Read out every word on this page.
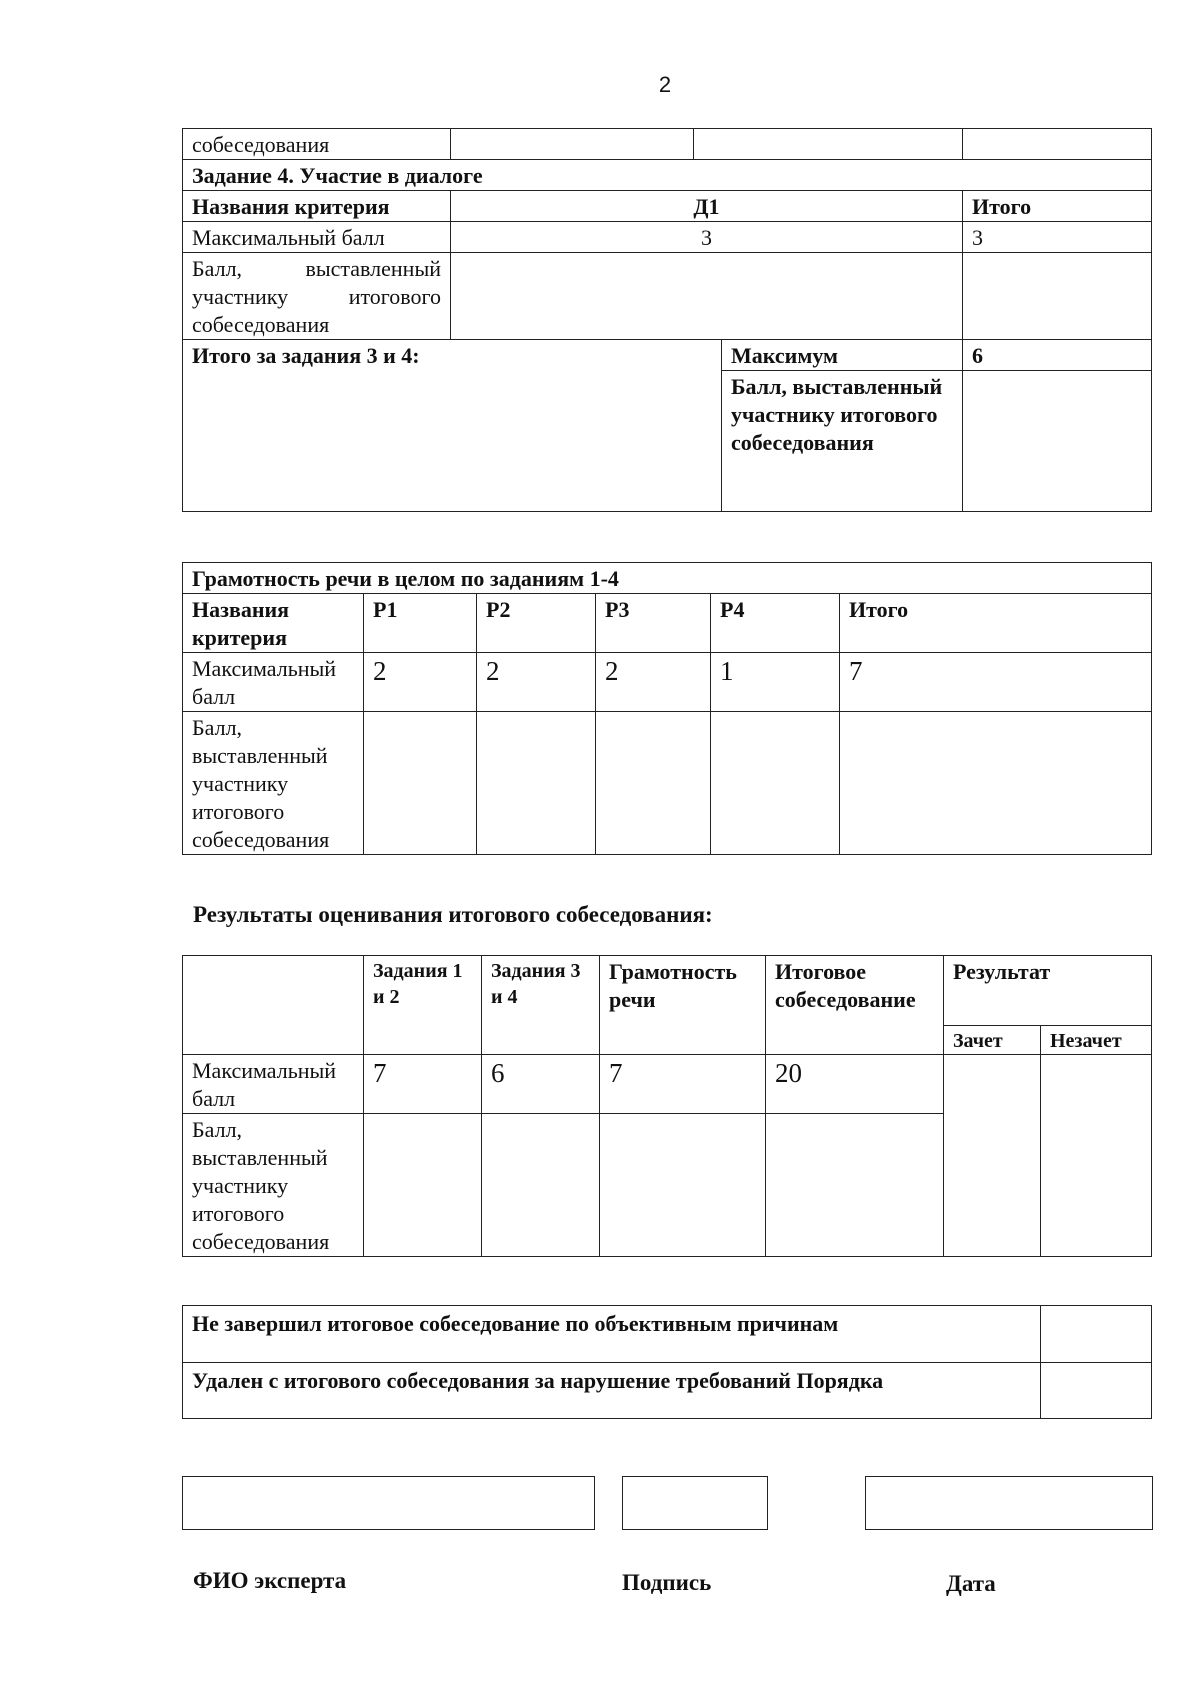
2
собеседования				
Задание 4. Участие в диалоге				
Названия критерия	Д1			Итого
Максимальный балл	3			3
Балл, выставленный участнику итогового собеседования				
Итого за задания 3 и 4:			Максимум	6
			Балл, выставленный участнику итогового собеседования	
Грамотность речи в целом по заданиям 1-4					
Названия критерия	Р1	Р2	Р3	Р4	Итого
Максимальный балл	2	2	2	1	7
Балл, выставленный участнику итогового собеседования					
Результаты оценивания итогового собеседования:
	Задания 1 и 2	Задания 3 и 4	Грамотность речи	Итоговое собеседование	Результат	
					Зачет	Незачет
Максимальный балл	7	6	7	20		
Балл, выставленный участнику итогового собеседования						
Не завершил итоговое собеседование по объективным причинам	
Удален с итогового собеседования за нарушение требований Порядка	
ФИО эксперта	Подпись	Дата
